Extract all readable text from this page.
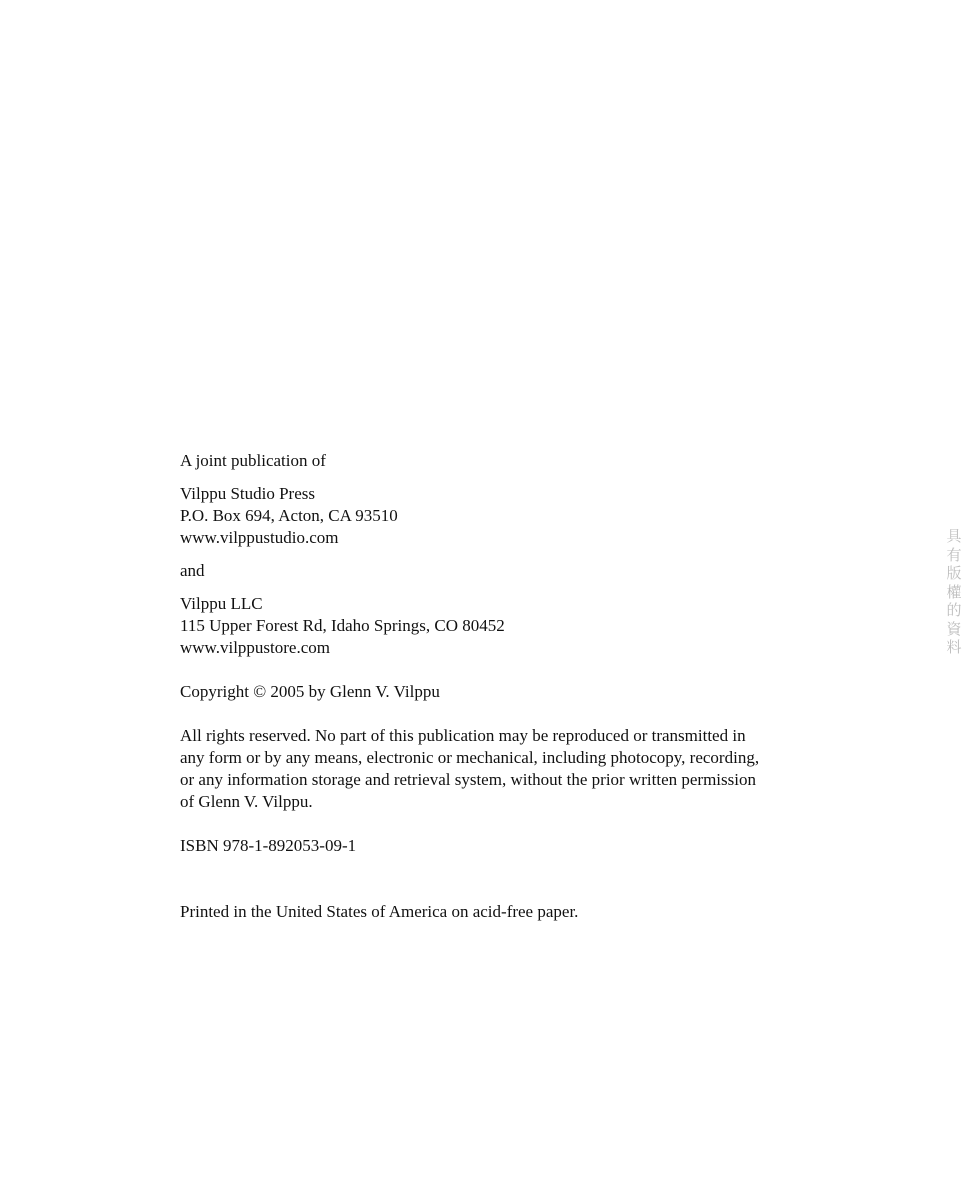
A joint publication of

Vilppu Studio Press
P.O. Box 694, Acton, CA 93510
www.vilppustudio.com

and

Vilppu LLC
115 Upper Forest Rd, Idaho Springs, CO 80452
www.vilppustore.com

Copyright © 2005 by Glenn V. Vilppu

All rights reserved. No part of this publication may be reproduced or transmitted in
any form or by any means, electronic or mechanical, including photocopy, recording,
or any information storage and retrieval system, without the prior written permission
of Glenn V. Vilppu.

ISBN 978-1-892053-09-1

Printed in the United States of America on acid-free paper.

具有版權的資料
